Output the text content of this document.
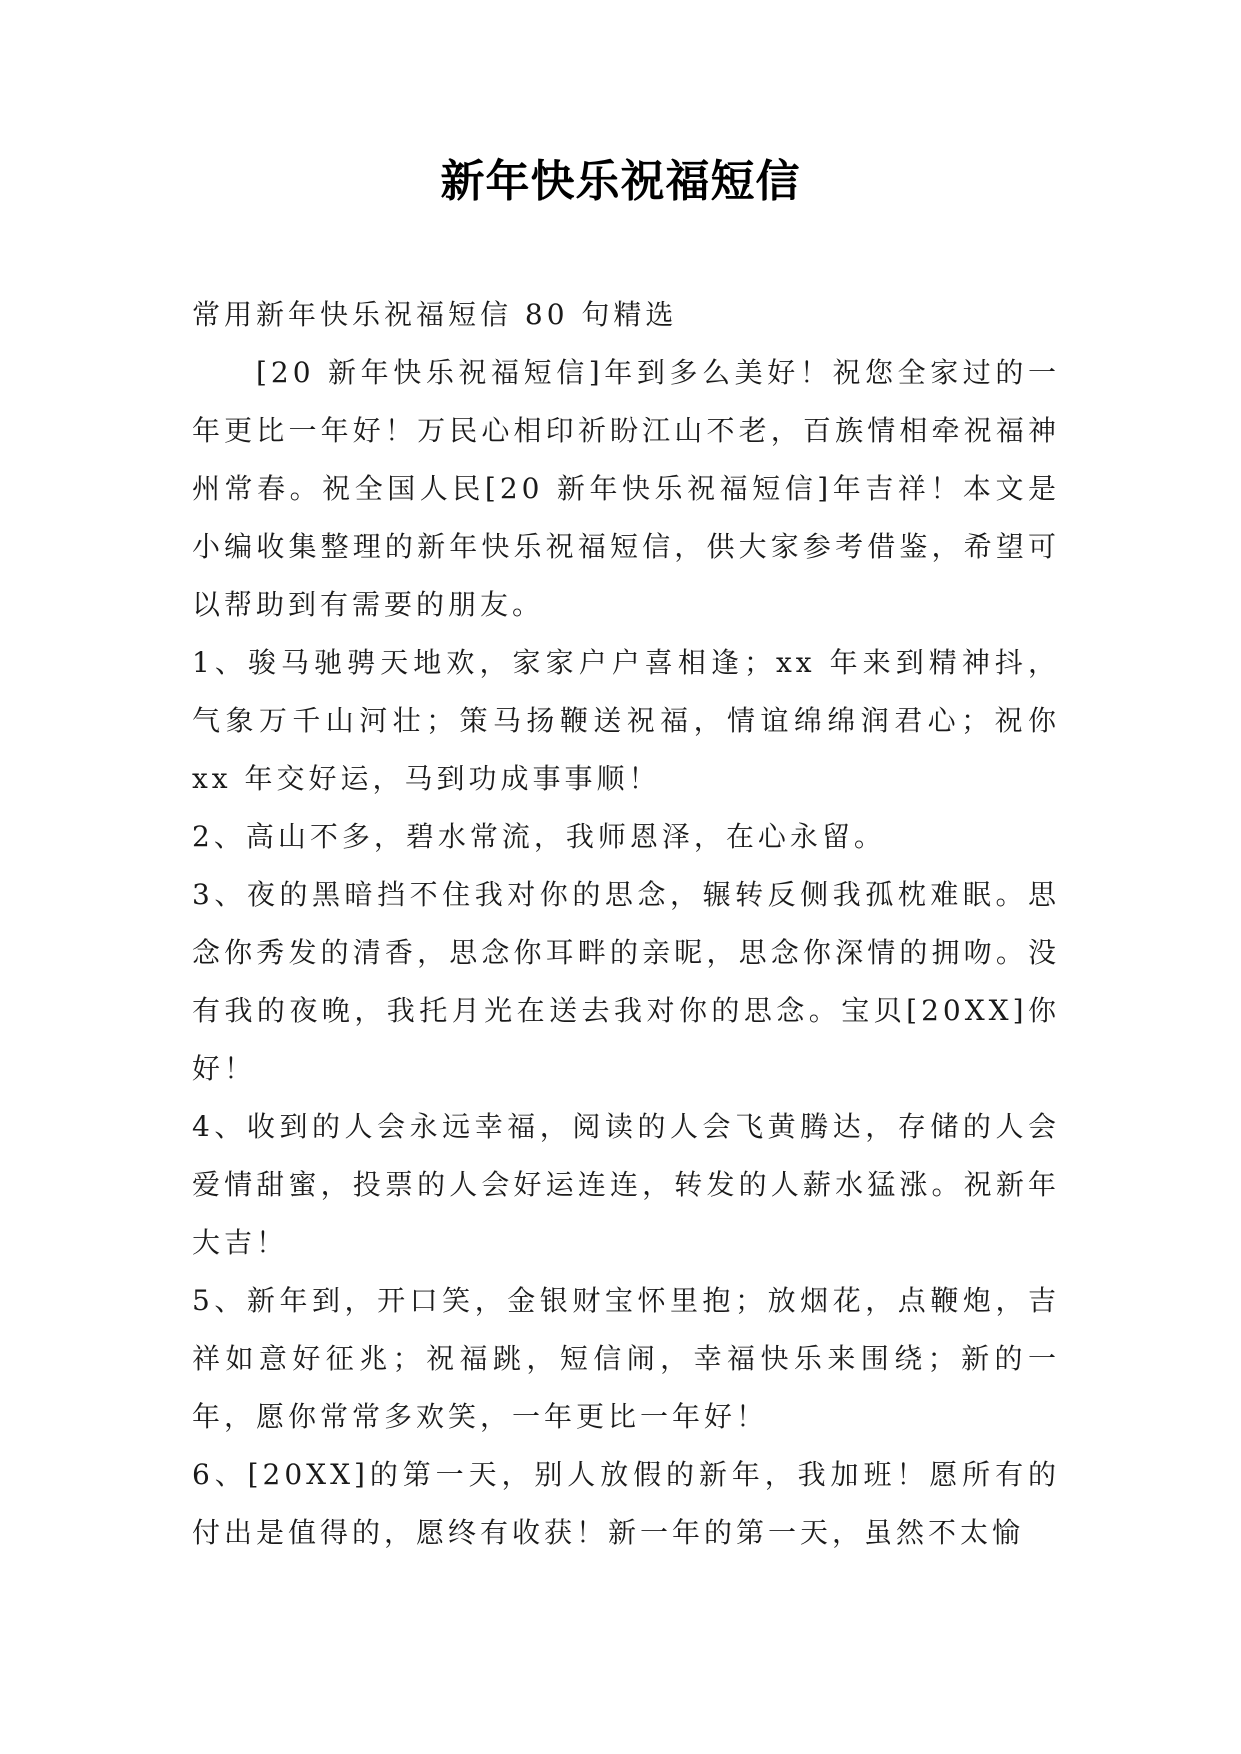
新年快乐祝福短信

常用新年快乐祝福短信 80 句精选

[20 新年快乐祝福短信]年到多么美好！祝您全家过的一年更比一年好！万民心相印祈盼江山不老，百族情相牵祝福神州常春。祝全国人民[20 新年快乐祝福短信]年吉祥！本文是小编收集整理的新年快乐祝福短信，供大家参考借鉴，希望可以帮助到有需要的朋友。

1、骏马驰骋天地欢，家家户户喜相逢；xx 年来到精神抖，气象万千山河壮；策马扬鞭送祝福，情谊绵绵润君心；祝你 xx 年交好运，马到功成事事顺！

2、高山不多，碧水常流，我师恩泽，在心永留。

3、夜的黑暗挡不住我对你的思念，辗转反侧我孤枕难眠。思念你秀发的清香，思念你耳畔的亲昵，思念你深情的拥吻。没有我的夜晚，我托月光在送去我对你的思念。宝贝[20XX]你好！

4、收到的人会永远幸福，阅读的人会飞黄腾达，存储的人会爱情甜蜜，投票的人会好运连连，转发的人薪水猛涨。祝新年大吉！

5、新年到，开口笑，金银财宝怀里抱；放烟花，点鞭炮，吉祥如意好征兆；祝福跳，短信闹，幸福快乐来围绕；新的一年，愿你常常多欢笑，一年更比一年好！

6、[20XX]的第一天，别人放假的新年，我加班！愿所有的付出是值得的，愿终有收获！新一年的第一天，虽然不太愉
